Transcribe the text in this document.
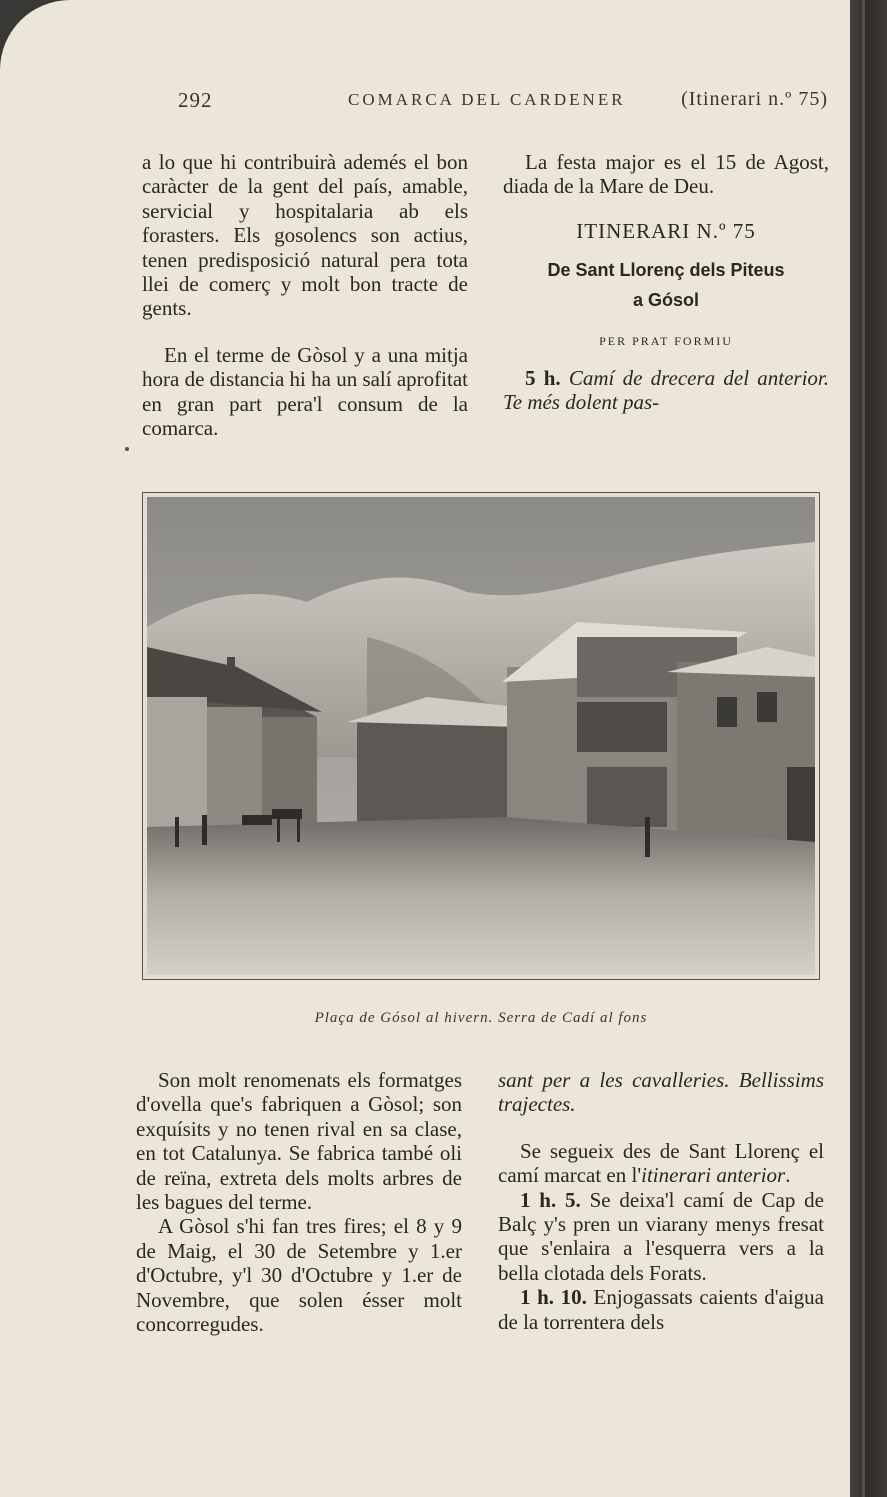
292	COMARCA DEL CARDENER	(Itinerari n.º 75)

a lo que hi contribuirà ademés el bon caràcter de la gent del país, amable, servicial y hospitalaria ab els forasters. Els gosolencs son actius, tenen predisposició natural pera tota llei de comerç y molt bon tracte de gents.

En el terme de Gòsol y a una mitja hora de distancia hi ha un salí aprofitat en gran part pera'l consum de la comarca.

La festa major es el 15 de Agost, diada de la Mare de Deu.

ITINERARI N.º 75

De Sant Llorenç dels Piteus
a Gósol

PER PRAT FORMIU

5 h. Camí de drecera del anterior. Te més dolent pas-

Plaça de Gósol al hivern. Serra de Cadí al fons

Son molt renomenats els formatges d'ovella que's fabriquen a Gòsol; son exquísits y no tenen rival en sa clase, en tot Catalunya. Se fabrica també oli de reïna, extreta dels molts arbres de les bagues del terme.

A Gòsol s'hi fan tres fires; el 8 y 9 de Maig, el 30 de Setembre y 1.er d'Octubre, y'l 30 d'Octubre y 1.er de Novembre, que solen ésser molt concorregudes.

sant per a les cavalleries. Bellissims trajectes.

Se segueix des de Sant Llorenç el camí marcat en l'itinerari anterior.

1 h. 5. Se deixa'l camí de Cap de Balç y's pren un viarany menys fresat que s'enlaira a l'esquerra vers a la bella clotada dels Forats.

1 h. 10. Enjogassats caients d'aigua de la torrentera dels
